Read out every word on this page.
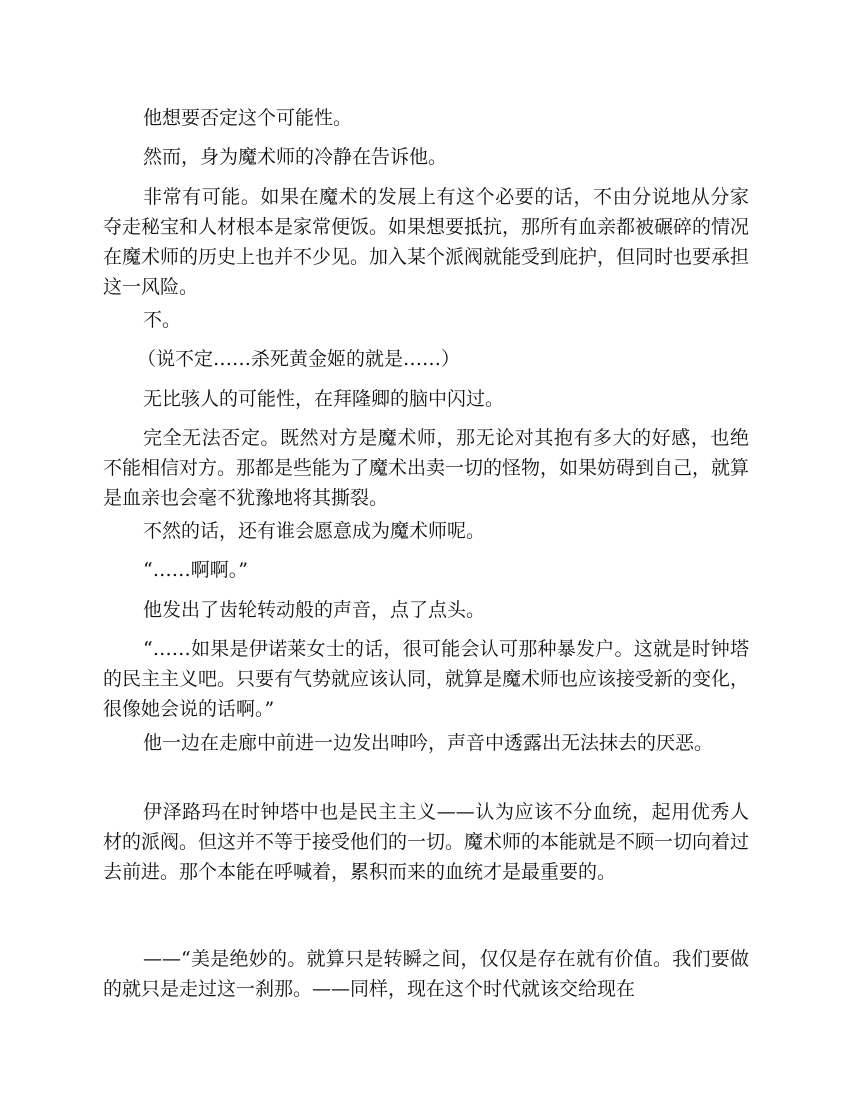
他想要否定这个可能性。

然而，身为魔术师的冷静在告诉他。

非常有可能。如果在魔术的发展上有这个必要的话，不由分说地从分家夺走秘宝和人材根本是家常便饭。如果想要抵抗，那所有血亲都被碾碎的情况在魔术师的历史上也并不少见。加入某个派阀就能受到庇护，但同时也要承担这一风险。

不。

（说不定……杀死黄金姬的就是……）

无比骇人的可能性，在拜隆卿的脑中闪过。

完全无法否定。既然对方是魔术师，那无论对其抱有多大的好感，也绝不能相信对方。那都是些能为了魔术出卖一切的怪物，如果妨碍到自己，就算是血亲也会毫不犹豫地将其撕裂。

不然的话，还有谁会愿意成为魔术师呢。

“……啊啊。”

他发出了齿轮转动般的声音，点了点头。

“……如果是伊诺莱女士的话，很可能会认可那种暴发户。这就是时钟塔的民主主义吧。只要有气势就应该认同，就算是魔术师也应该接受新的变化，很像她会说的话啊。”

他一边在走廊中前进一边发出呻吟，声音中透露出无法抹去的厌恶。

伊泽路玛在时钟塔中也是民主主义——认为应该不分血统，起用优秀人材的派阀。但这并不等于接受他们的一切。魔术师的本能就是不顾一切向着过去前进。那个本能在呼喊着，累积而来的血统才是最重要的。

——“美是绝妙的。就算只是转瞬之间，仅仅是存在就有价值。我们要做的就只是走过这一刹那。——同样，现在这个时代就该交给现在
